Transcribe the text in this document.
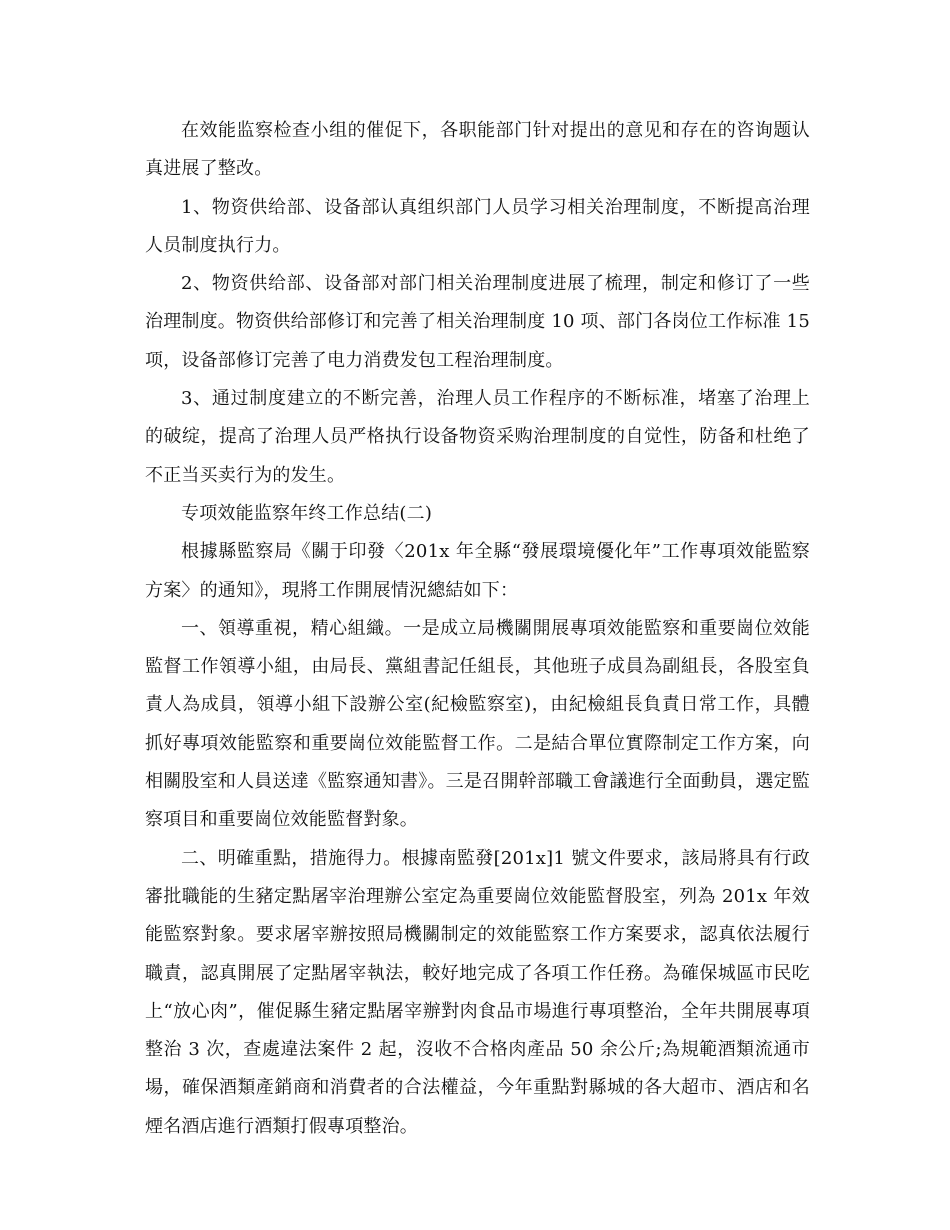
在效能监察检查小组的催促下，各职能部门针对提出的意见和存在的咨询题认真进展了整改。

1、物资供给部、设备部认真组织部门人员学习相关治理制度，不断提高治理人员制度执行力。

2、物资供给部、设备部对部门相关治理制度进展了梳理，制定和修订了一些治理制度。物资供给部修订和完善了相关治理制度 10 项、部门各岗位工作标准 15 项，设备部修订完善了电力消费发包工程治理制度。

3、通过制度建立的不断完善，治理人员工作程序的不断标准，堵塞了治理上的破绽，提高了治理人员严格执行设备物资采购治理制度的自觉性，防备和杜绝了不正当买卖行为的发生。

专项效能监察年终工作总结(二)

根據縣監察局《關于印發〈201x 年全縣“發展環境優化年”工作專項效能監察方案〉的通知》，現將工作開展情況總結如下：

一、領導重視，精心組織。一是成立局機關開展專項效能監察和重要崗位效能監督工作領導小組，由局長、黨組書記任組長，其他班子成員為副組長，各股室負責人為成員，領導小組下設辦公室(紀檢監察室)，由紀檢組長負責日常工作，具體抓好專項效能監察和重要崗位效能監督工作。二是結合單位實際制定工作方案，向相關股室和人員送達《監察通知書》。三是召開幹部職工會議進行全面動員，選定監察項目和重要崗位效能監督對象。

二、明確重點，措施得力。根據南監發[201x]1 號文件要求，該局將具有行政審批職能的生豬定點屠宰治理辦公室定為重要崗位效能監督股室，列為 201x 年效能監察對象。要求屠宰辦按照局機關制定的效能監察工作方案要求，認真依法履行職責，認真開展了定點屠宰執法，較好地完成了各項工作任務。為確保城區市民吃上“放心肉”，催促縣生豬定點屠宰辦對肉食品市場進行專項整治，全年共開展專項整治 3 次，查處違法案件 2 起，沒收不合格肉產品 50 余公斤;為規範酒類流通市場，確保酒類產銷商和消費者的合法權益，今年重點對縣城的各大超市、酒店和名煙名酒店進行酒類打假專項整治。
